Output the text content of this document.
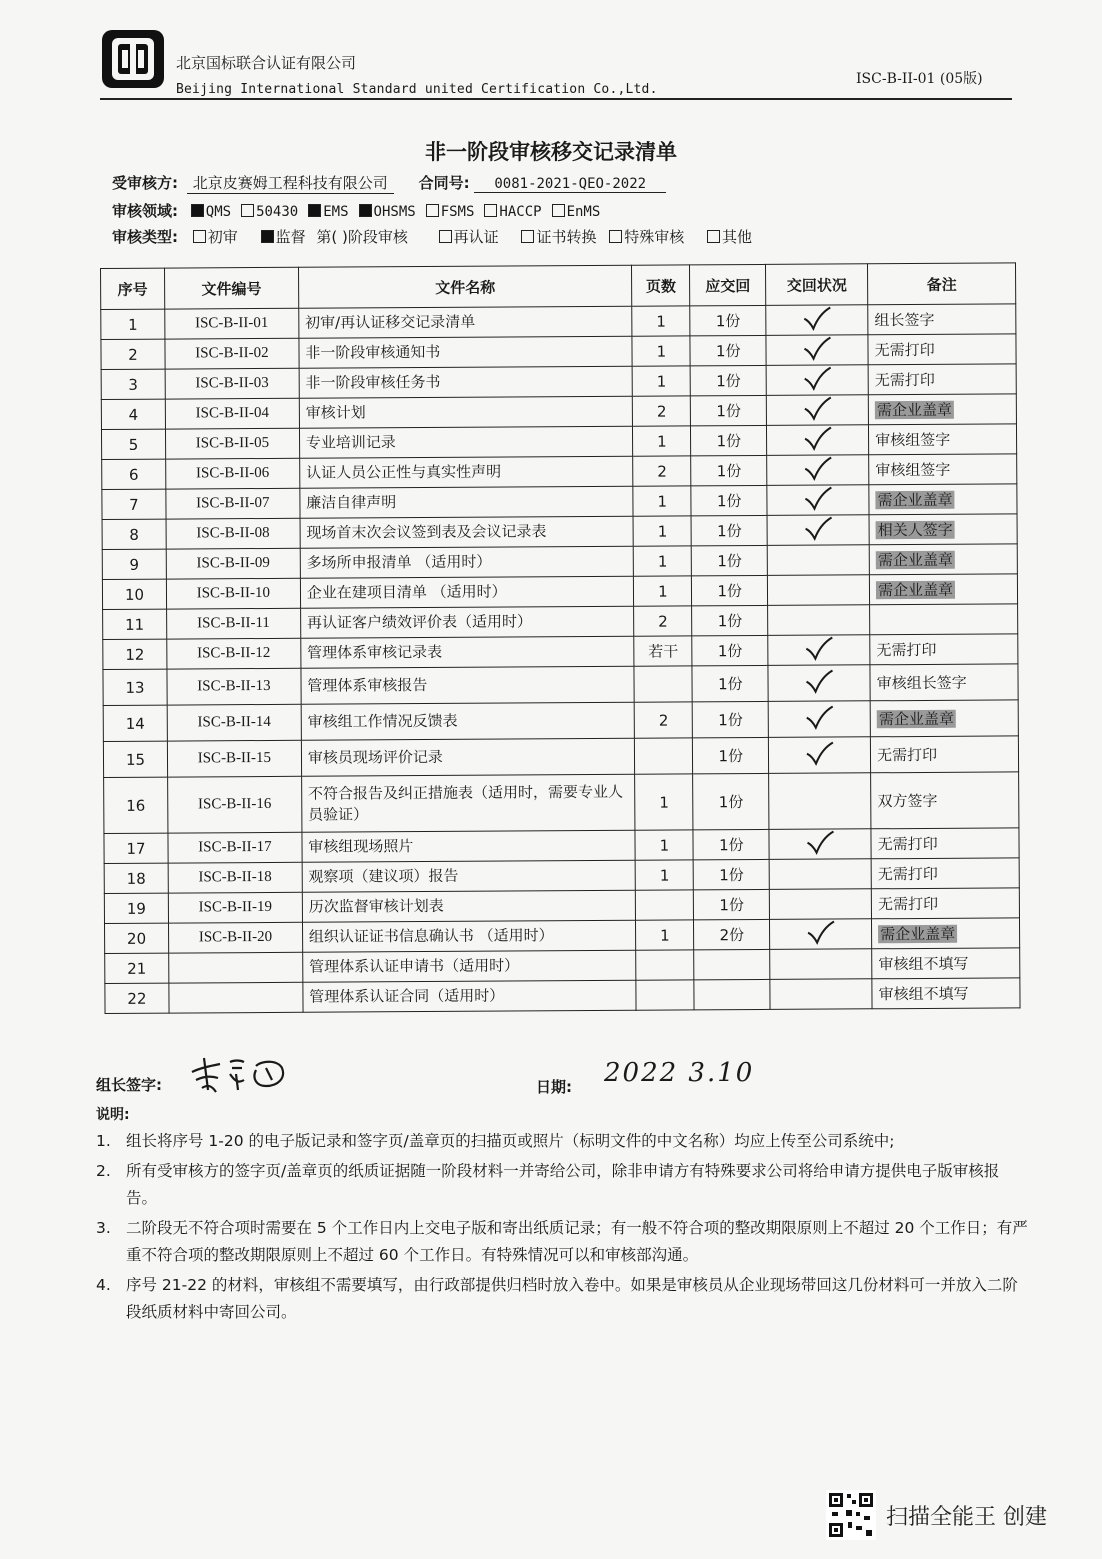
北京国标联合认证有限公司
Beijing International Standard united Certification Co.,Ltd.
ISC-B-II-01 (05版)
非一阶段审核移交记录清单
受审核方: 北京皮赛姆工程科技有限公司 合同号: 0081-2021-QEO-2022
审核领域: QMS 50430 EMS OHSMS FSMS HACCP EnMS
审核类型: 初审	监督 第( )阶段审核	再认证	证书转换 特殊审核	其他
序号	文件编号	文件名称	页数	应交回	交回状况	备注
1	ISC-B-II-01	初审/再认证移交记录清单	1	1份		组长签字
2	ISC-B-II-02	非一阶段审核通知书	1	1份		无需打印
3	ISC-B-II-03	非一阶段审核任务书	1	1份		无需打印
4	ISC-B-II-04	审核计划	2	1份		需企业盖章
5	ISC-B-II-05	专业培训记录	1	1份		审核组签字
6	ISC-B-II-06	认证人员公正性与真实性声明	2	1份		审核组签字
7	ISC-B-II-07	廉洁自律声明	1	1份		需企业盖章
8	ISC-B-II-08	现场首末次会议签到表及会议记录表	1	1份		相关人签字
9	ISC-B-II-09	多场所申报清单 （适用时）	1	1份		需企业盖章
10	ISC-B-II-10	企业在建项目清单 （适用时）	1	1份		需企业盖章
11	ISC-B-II-11	再认证客户绩效评价表（适用时）	2	1份		
12	ISC-B-II-12	管理体系审核记录表	若干	1份		无需打印
13	ISC-B-II-13	管理体系审核报告		1份		审核组长签字
14	ISC-B-II-14	审核组工作情况反馈表	2	1份		需企业盖章
15	ISC-B-II-15	审核员现场评价记录		1份		无需打印
16	ISC-B-II-16	不符合报告及纠正措施表（适用时，需要专业人员验证）	1	1份		双方签字
17	ISC-B-II-17	审核组现场照片	1	1份		无需打印
18	ISC-B-II-18	观察项（建议项）报告	1	1份		无需打印
19	ISC-B-II-19	历次监督审核计划表		1份		无需打印
20	ISC-B-II-20	组织认证证书信息确认书 （适用时）	1	2份		需企业盖章
21		管理体系认证申请书（适用时）				审核组不填写
22		管理体系认证合同（适用时）				审核组不填写
组长签字:	日期: 2022 3.10
说明:
1. 组长将序号 1-20 的电子版记录和签字页/盖章页的扫描页或照片（标明文件的中文名称）均应上传至公司系统中;
2. 所有受审核方的签字页/盖章页的纸质证据随一阶段材料一并寄给公司，除非申请方有特殊要求公司将给申请方提供电子版审核报告。
3. 二阶段无不符合项时需要在 5 个工作日内上交电子版和寄出纸质记录；有一般不符合项的整改期限原则上不超过 20 个工作日；有严重不符合项的整改期限原则上不超过 60 个工作日。有特殊情况可以和审核部沟通。
4. 序号 21-22 的材料，审核组不需要填写，由行政部提供归档时放入卷中。如果是审核员从企业现场带回这几份材料可一并放入二阶段纸质材料中寄回公司。
扫描全能王 创建
